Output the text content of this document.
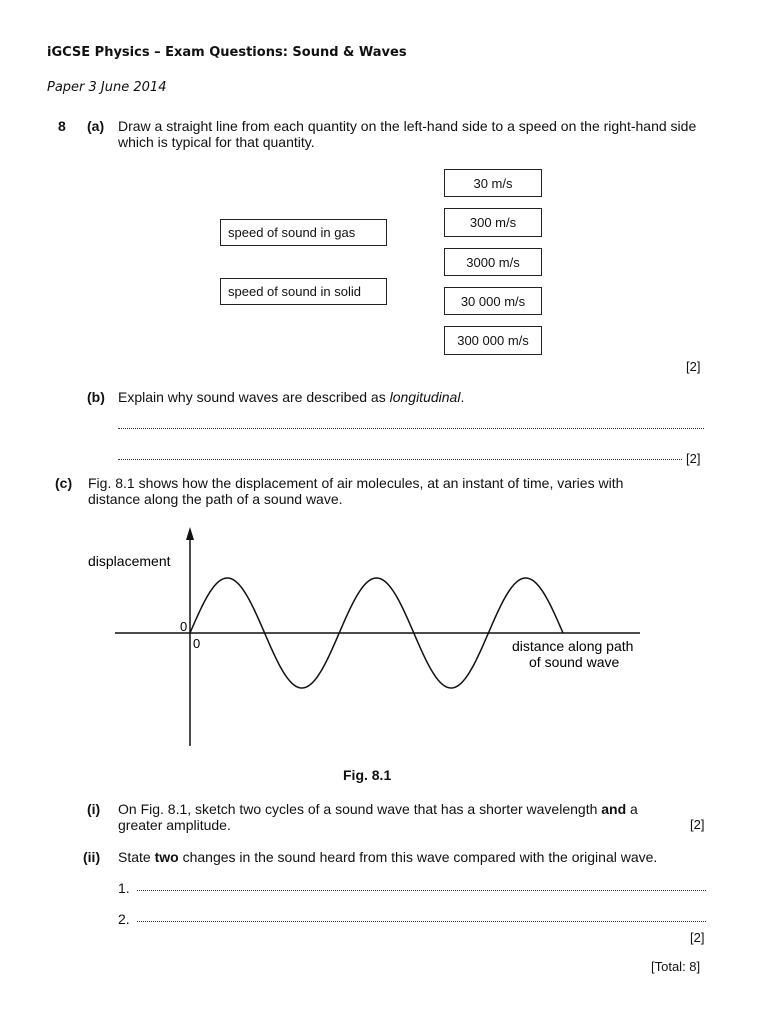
iGCSE Physics – Exam Questions: Sound & Waves
Paper 3 June 2014
8 (a) Draw a straight line from each quantity on the left-hand side to a speed on the right-hand side
which is typical for that quantity.
speed of sound in gas
speed of sound in solid
30 m/s
300 m/s
3000 m/s
30 000 m/s
300 000 m/s
[2]
(b) Explain why sound waves are described as longitudinal.
[2]
(c) Fig. 8.1 shows how the displacement of air molecules, at an instant of time, varies with
distance along the path of a sound wave.
displacement
0
0	distance along path
of sound wave
Fig. 8.1
(i) On Fig. 8.1, sketch two cycles of a sound wave that has a shorter wavelength and a
greater amplitude.	[2]
(ii) State two changes in the sound heard from this wave compared with the original wave.
1.
2.
[2]
[Total: 8]
